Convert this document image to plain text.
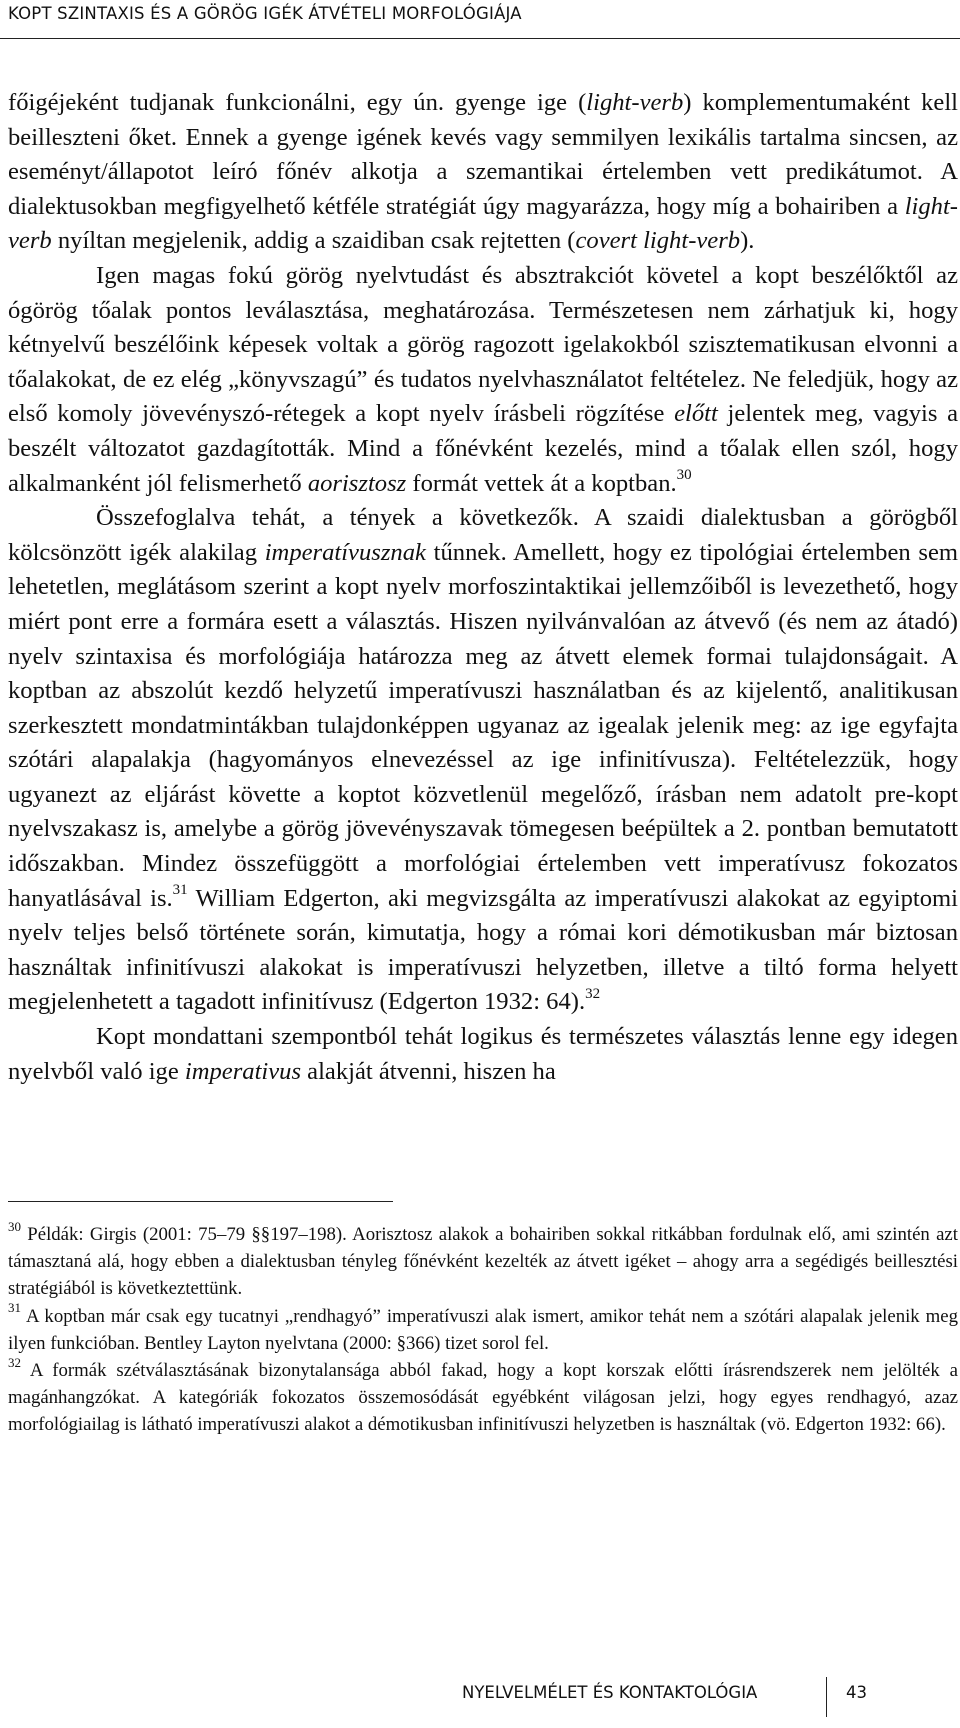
KOPT SZINTAXIS ÉS A GÖRÖG IGÉK ÁTVÉTELI MORFOLÓGIÁJA

főigéjeként tudjanak funkcionálni, egy ún. gyenge ige (light-verb) komplementumaként kell beilleszteni őket. Ennek a gyenge igének kevés vagy semmilyen lexikális tartalma sincsen, az eseményt/állapotot leíró főnév alkotja a szemantikai értelemben vett predikátumot. A dialektusokban megfigyelhető kétféle stratégiát úgy magyarázza, hogy míg a bohairiben a light-verb nyíltan megjelenik, addig a szaidiban csak rejtetten (covert light-verb).

Igen magas fokú görög nyelvtudást és absztrakciót követel a kopt beszélőktől az ógörög tőalak pontos leválasztása, meghatározása. Természetesen nem zárhatjuk ki, hogy kétnyelvű beszélőink képesek voltak a görög ragozott igelakokból szisztematikusan elvonni a tőalakokat, de ez elég „könyvszagú” és tudatos nyelvhasználatot feltételez. Ne feledjük, hogy az első komoly jövevényszó-rétegek a kopt nyelv írásbeli rögzítése előtt jelentek meg, vagyis a beszélt változatot gazdagították. Mind a főnévként kezelés, mind a tőalak ellen szól, hogy alkalmanként jól felismerhető aorisztosz formát vettek át a koptban.$^{30}$

Összefoglalva tehát, a tények a következők. A szaidi dialektusban a görögből kölcsönzött igék alakilag imperatívusznak tűnnek. Amellett, hogy ez tipológiai értelemben sem lehetetlen, meglátásom szerint a kopt nyelv morfoszintaktikai jellemzőiből is levezethető, hogy miért pont erre a formára esett a választás. Hiszen nyilvánvalóan az átvevő (és nem az átadó) nyelv szintaxisa és morfológiája határozza meg az átvett elemek formai tulajdonságait. A koptban az abszolút kezdő helyzetű imperatívuszi használatban és az kijelentő, analitikusan szerkesztett mondatmintákban tulajdonképpen ugyanaz az igealak jelenik meg: az ige egyfajta szótári alapalakja (hagyományos elnevezéssel az ige infinitívusza). Feltételezzük, hogy ugyanezt az eljárást követte a koptot közvetlenül megelőző, írásban nem adatolt pre-kopt nyelvszakasz is, amelybe a görög jövevényszavak tömegesen beépültek a 2. pontban bemutatott időszakban. Mindez összefüggött a morfológiai értelemben vett imperatívusz fokozatos hanyatlásával is.$^{31}$ William Edgerton, aki megvizsgálta az imperatívuszi alakokat az egyiptomi nyelv teljes belső története során, kimutatja, hogy a római kori démotikusban már biztosan használtak infinitívuszi alakokat is imperatívuszi helyzetben, illetve a tiltó forma helyett megjelenhetett a tagadott infinitívusz (Edgerton 1932: 64).$^{32}$

Kopt mondattani szempontból tehát logikus és természetes választás lenne egy idegen nyelvből való ige imperativus alakját átvenni, hiszen ha

$^{30}$ Példák: Girgis (2001: 75–79 §§197–198). Aorisztosz alakok a bohairiben sokkal ritkábban fordulnak elő, ami szintén azt támasztaná alá, hogy ebben a dialektusban tényleg főnévként kezelték az átvett igéket – ahogy arra a segédigés beillesztési stratégiából is következtettünk.

$^{31}$ A koptban már csak egy tucatnyi „rendhagyó” imperatívuszi alak ismert, amikor tehát nem a szótári alapalak jelenik meg ilyen funkcióban. Bentley Layton nyelvtana (2000: §366) tizet sorol fel.

$^{32}$ A formák szétválasztásának bizonytalansága abból fakad, hogy a kopt korszak előtti írásrendszerek nem jelölték a magánhangzókat. A kategóriák fokozatos összemosódását egyébként világosan jelzi, hogy egyes rendhagyó, azaz morfológiailag is látható imperatívuszi alakot a démotikusban infinitívuszi helyzetben is használtak (vö. Edgerton 1932: 66).

NYELVELMÉLET ÉS KONTAKTOLÓGIA	43
